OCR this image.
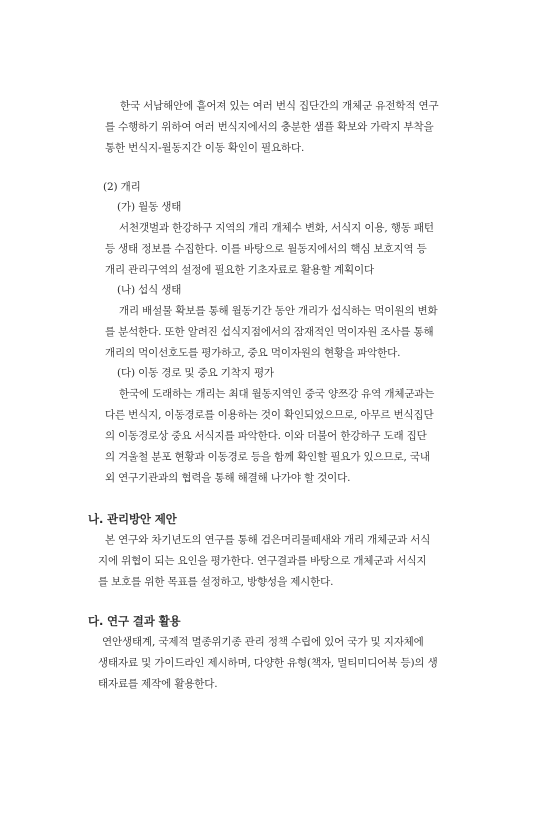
한국 서남해안에 흩어져 있는 여러 번식 집단간의 개체군 유전학적 연구
를 수행하기 위하여 여러 번식지에서의 충분한 샘플 확보와 가락지 부착을
통한 번식지-월동지간 이동 확인이 필요하다.
(2) 개리
(가) 월동 생태
서천갯벌과 한강하구 지역의 개리 개체수 변화, 서식지 이용, 행동 패턴
등 생태 정보를 수집한다. 이를 바탕으로 월동지에서의 핵심 보호지역 등
개리 관리구역의 설정에 필요한 기초자료로 활용할 계획이다
(나) 섭식 생태
개리 배설물 확보를 통해 월동기간 동안 개리가 섭식하는 먹이원의 변화
를 분석한다. 또한 알려진 섭식지점에서의 잠재적인 먹이자원 조사를 통해
개리의 먹이선호도를 평가하고, 중요 먹이자원의 현황을 파악한다.
(다) 이동 경로 및 중요 기착지 평가
한국에 도래하는 개리는 최대 월동지역인 중국 양쯔강 유역 개체군과는
다른 번식지, 이동경로를 이용하는 것이 확인되었으므로, 아무르 번식집단
의 이동경로상 중요 서식지를 파악한다. 이와 더불어 한강하구 도래 집단
의 겨울철 분포 현황과 이동경로 등을 함께 확인할 필요가 있으므로, 국내
외 연구기관과의 협력을 통해 해결해 나가야 할 것이다.
나. 관리방안 제안
본 연구와 차기년도의 연구를 통해 검은머리물떼새와 개리 개체군과 서식
지에 위협이 되는 요인을 평가한다. 연구결과를 바탕으로 개체군과 서식지
를 보호를 위한 목표를 설정하고, 방향성을 제시한다.
다. 연구 결과 활용
연안생태계, 국제적 멸종위기종 관리 정책 수립에 있어 국가 및 지자체에
생태자료 및 가이드라인 제시하며, 다양한 유형(책자, 멀티미디어북 등)의 생
태자료를 제작에 활용한다.
